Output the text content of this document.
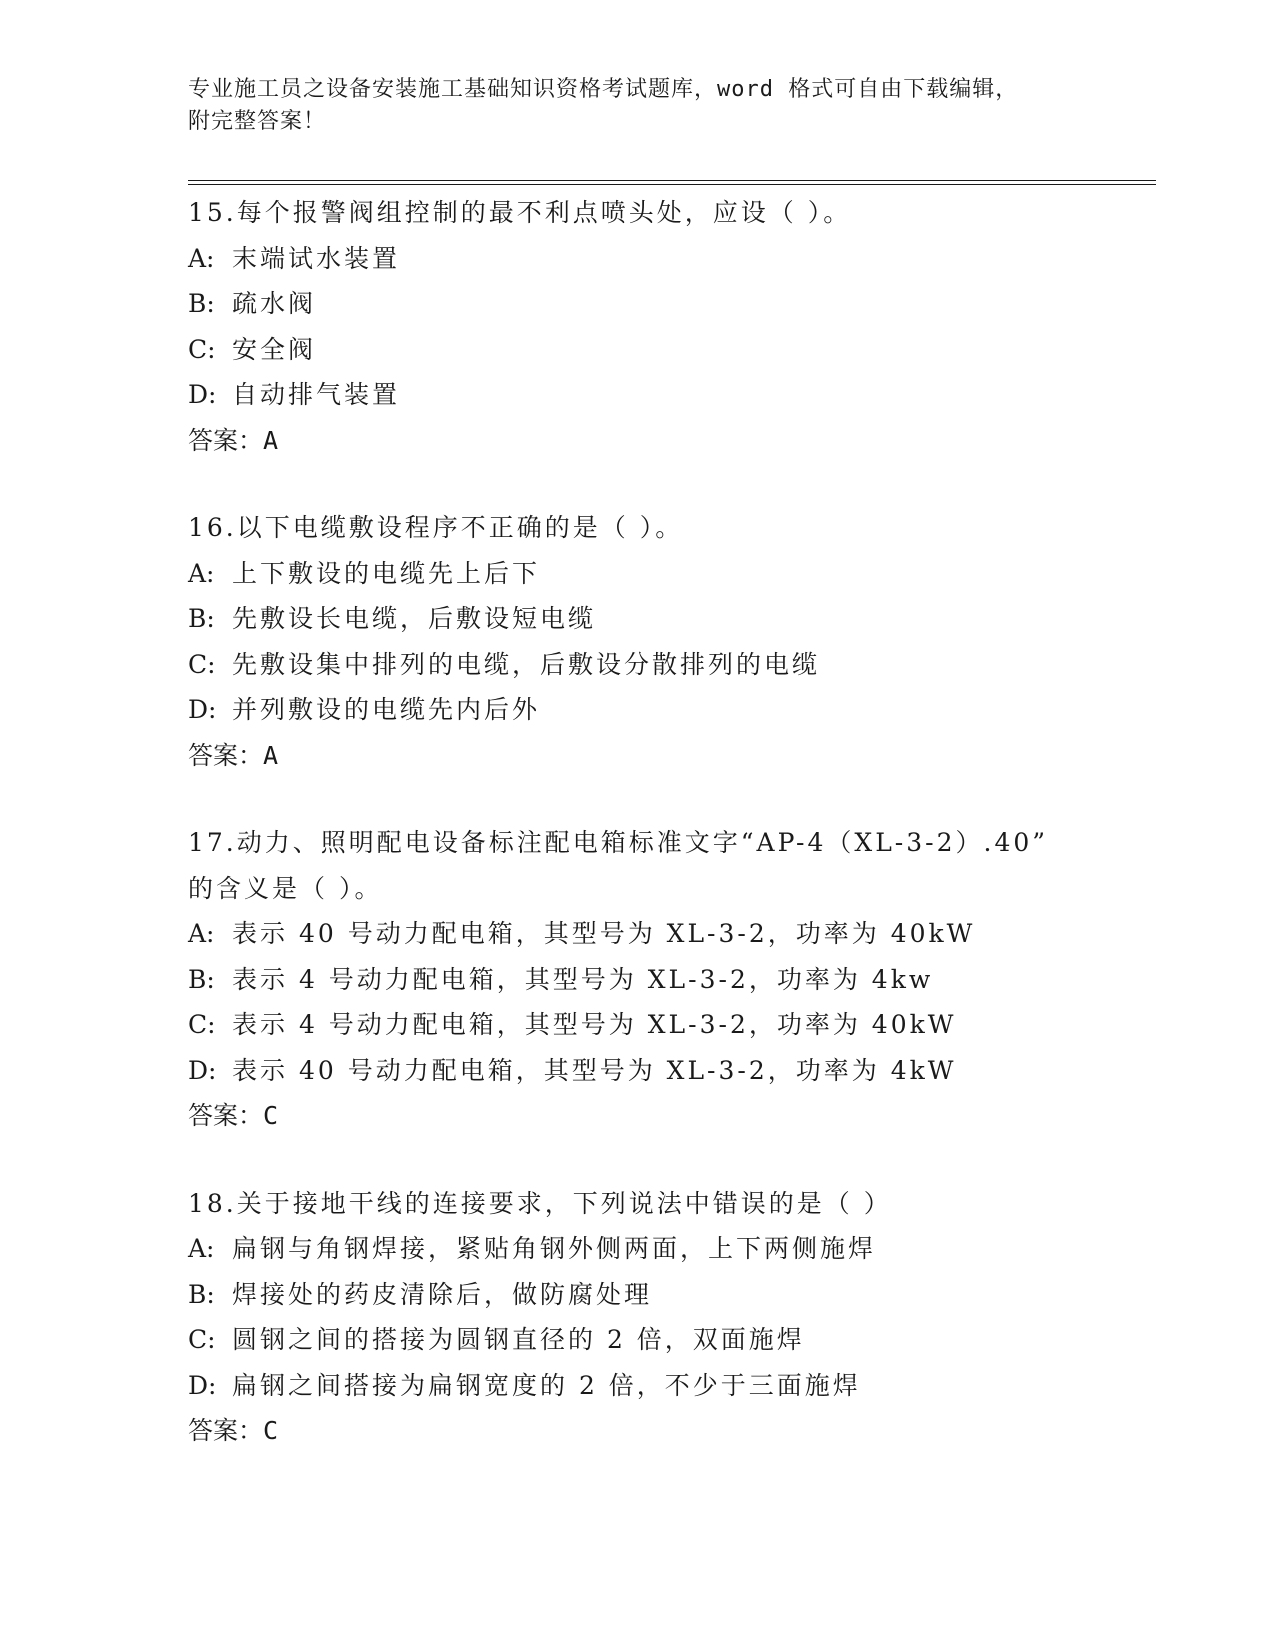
专业施工员之设备安装施工基础知识资格考试题库，word 格式可自由下载编辑，
附完整答案！
15.每个报警阀组控制的最不利点喷头处，应设（ ）。
A: 末端试水装置
B: 疏水阀
C: 安全阀
D: 自动排气装置
答案：A
16.以下电缆敷设程序不正确的是（ ）。
A: 上下敷设的电缆先上后下
B: 先敷设长电缆，后敷设短电缆
C: 先敷设集中排列的电缆，后敷设分散排列的电缆
D: 并列敷设的电缆先内后外
答案：A
17.动力、照明配电设备标注配电箱标准文字“AP-4（XL-3-2）.40”
的含义是（ ）。
A: 表示 40 号动力配电箱，其型号为 XL-3-2，功率为 40kW
B: 表示 4 号动力配电箱，其型号为 XL-3-2，功率为 4kw
C: 表示 4 号动力配电箱，其型号为 XL-3-2，功率为 40kW
D: 表示 40 号动力配电箱，其型号为 XL-3-2，功率为 4kW
答案：C
18.关于接地干线的连接要求，下列说法中错误的是（ ）
A: 扁钢与角钢焊接，紧贴角钢外侧两面，上下两侧施焊
B: 焊接处的药皮清除后，做防腐处理
C: 圆钢之间的搭接为圆钢直径的 2 倍，双面施焊
D: 扁钢之间搭接为扁钢宽度的 2 倍，不少于三面施焊
答案：C
